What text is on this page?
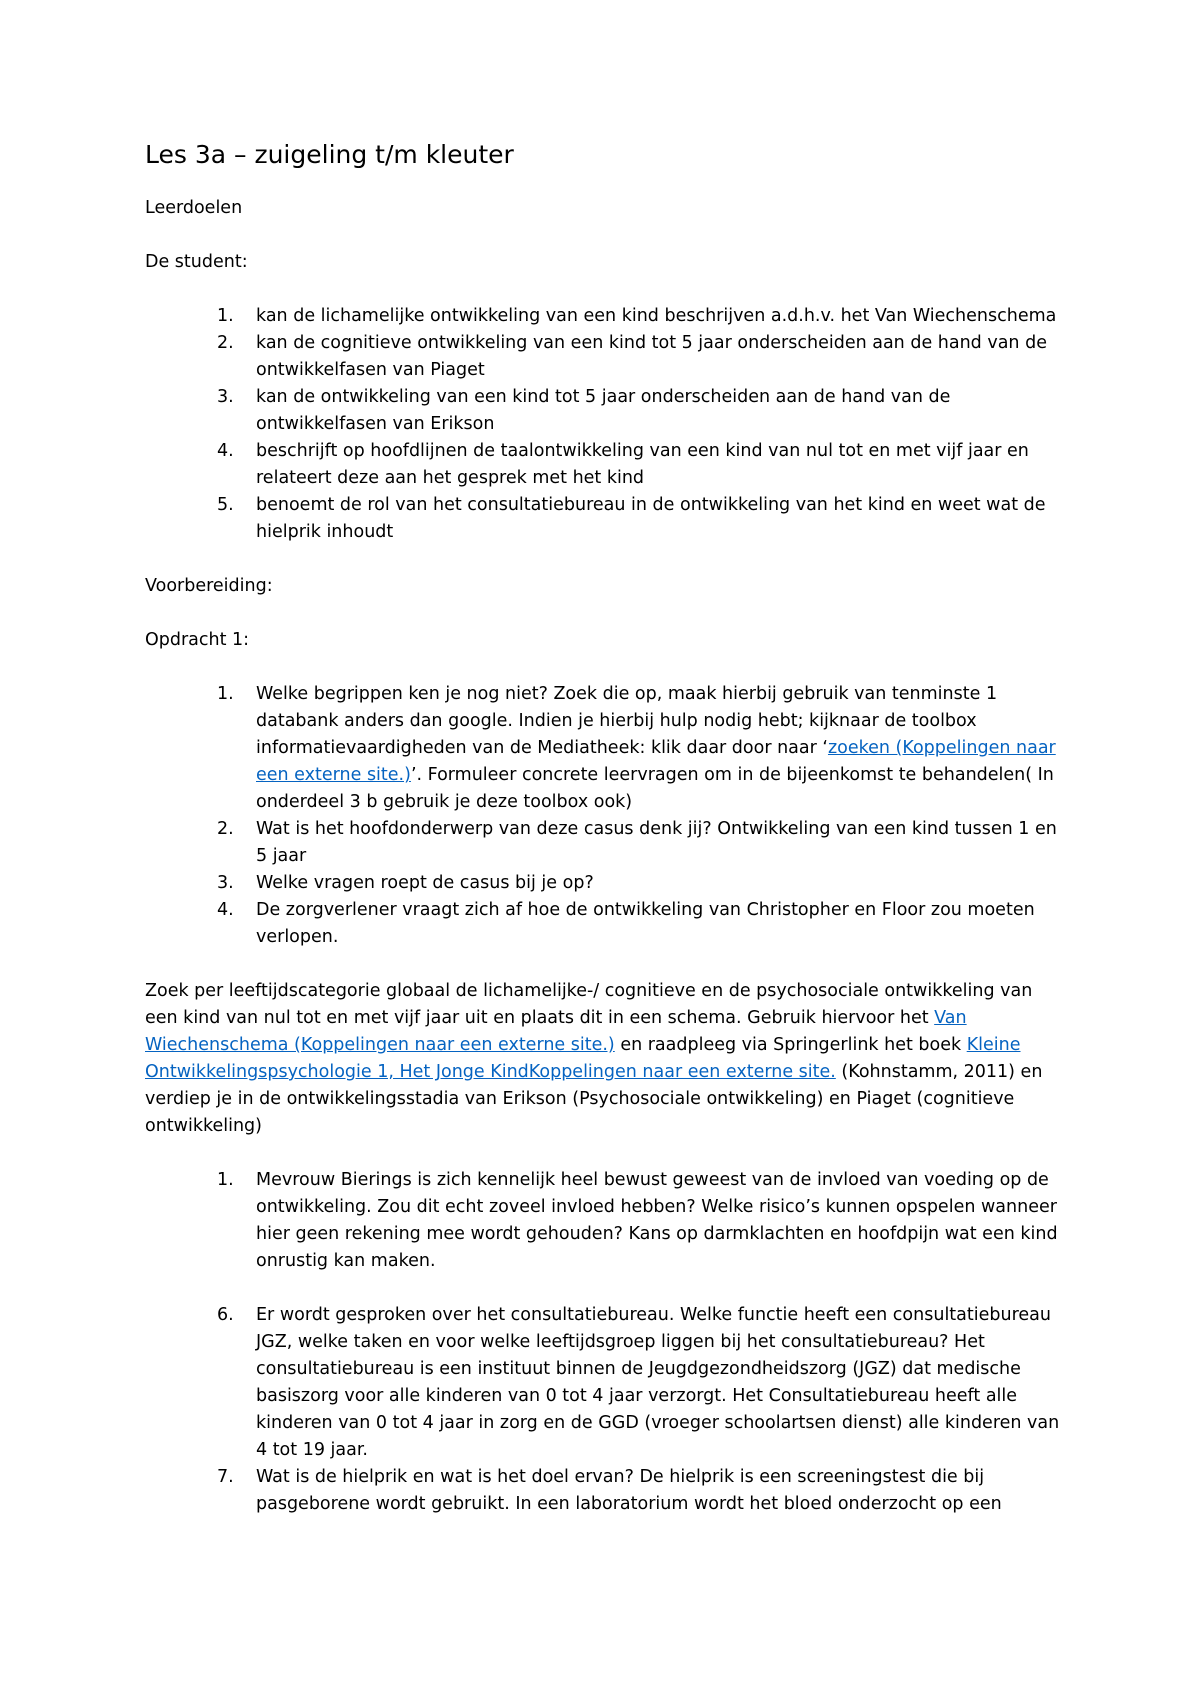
Les 3a – zuigeling t/m kleuter

Leerdoelen

De student:

1. kan de lichamelijke ontwikkeling van een kind beschrijven a.d.h.v. het Van Wiechenschema
2. kan de cognitieve ontwikkeling van een kind tot 5 jaar onderscheiden aan de hand van de ontwikkelfasen van Piaget
3. kan de ontwikkeling van een kind tot 5 jaar onderscheiden aan de hand van de ontwikkelfasen van Erikson
4. beschrijft op hoofdlijnen de taalontwikkeling van een kind van nul tot en met vijf jaar en relateert deze aan het gesprek met het kind
5. benoemt de rol van het consultatiebureau in de ontwikkeling van het kind en weet wat de hielprik inhoudt

Voorbereiding:

Opdracht 1:

1. Welke begrippen ken je nog niet? Zoek die op, maak hierbij gebruik van tenminste 1 databank anders dan google. Indien je hierbij hulp nodig hebt; kijknaar de toolbox informatievaardigheden van de Mediatheek: klik daar door naar ‘zoeken (Koppelingen naar een externe site.)’. Formuleer concrete leervragen om in de bijeenkomst te behandelen( In onderdeel 3 b gebruik je deze toolbox ook)
2. Wat is het hoofdonderwerp van deze casus denk jij? Ontwikkeling van een kind tussen 1 en 5 jaar
3. Welke vragen roept de casus bij je op?
4. De zorgverlener vraagt zich af hoe de ontwikkeling van Christopher en Floor zou moeten verlopen.
Zoek per leeftijdscategorie globaal de lichamelijke-/ cognitieve en de psychosociale ontwikkeling van een kind van nul tot en met vijf jaar uit en plaats dit in een schema. Gebruik hiervoor het Van Wiechenschema (Koppelingen naar een externe site.) en raadpleeg via Springerlink het boek Kleine Ontwikkelingspsychologie 1, Het Jonge KindKoppelingen naar een externe site. (Kohnstamm, 2011) en verdiep je in de ontwikkelingsstadia van Erikson (Psychosociale ontwikkeling) en Piaget (cognitieve ontwikkeling)
1. Mevrouw Bierings is zich kennelijk heel bewust geweest van de invloed van voeding op de ontwikkeling. Zou dit echt zoveel invloed hebben? Welke risico’s kunnen opspelen wanneer hier geen rekening mee wordt gehouden? Kans op darmklachten en hoofdpijn wat een kind onrustig kan maken.
6. Er wordt gesproken over het consultatiebureau. Welke functie heeft een consultatiebureau JGZ, welke taken en voor welke leeftijdsgroep liggen bij het consultatiebureau? Het consultatiebureau is een instituut binnen de Jeugdgezondheidszorg (JGZ) dat medische basiszorg voor alle kinderen van 0 tot 4 jaar verzorgt. Het Consultatiebureau heeft alle kinderen van 0 tot 4 jaar in zorg en de GGD (vroeger schoolartsen dienst) alle kinderen van 4 tot 19 jaar.
7. Wat is de hielprik en wat is het doel ervan? De hielprik is een screeningstest die bij pasgeborene wordt gebruikt. In een laboratorium wordt het bloed onderzocht op een
